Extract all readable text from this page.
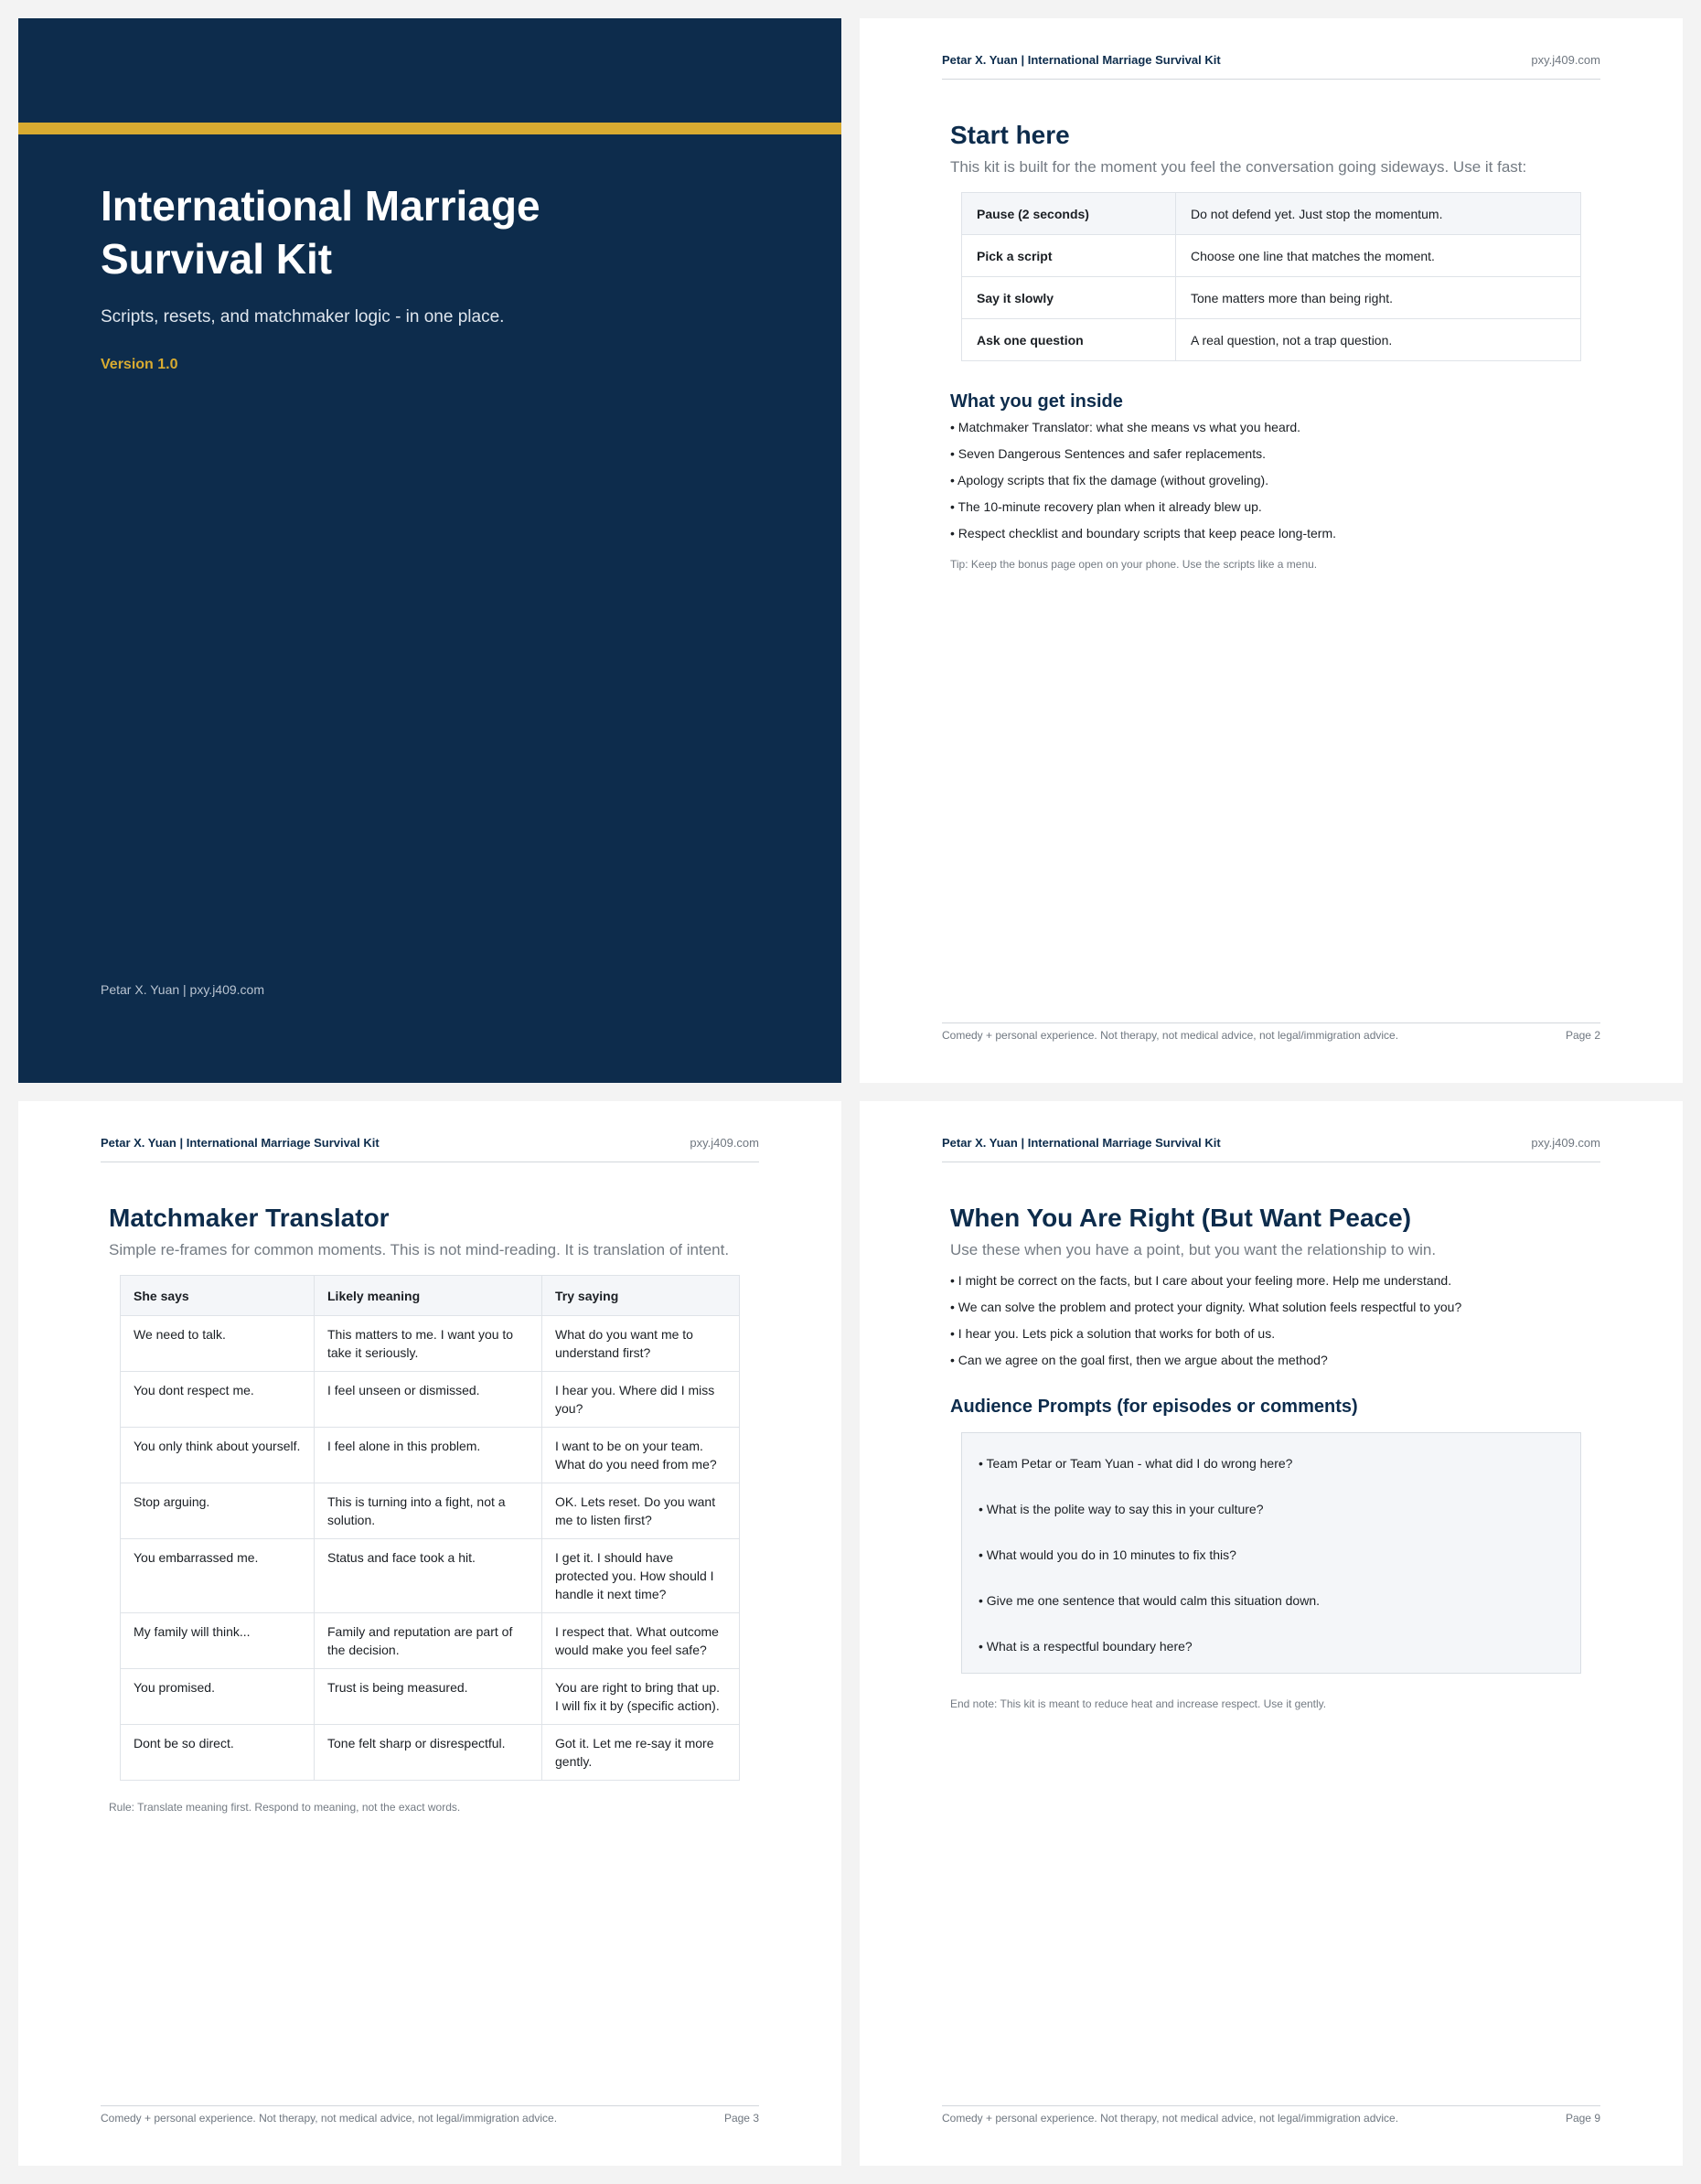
International Marriage Survival Kit
Scripts, resets, and matchmaker logic - in one place.
Version 1.0
Petar X. Yuan | pxy.j409.com
Petar X. Yuan | International Marriage Survival Kit	pxy.j409.com
Start here

This kit is built for the moment you feel the conversation going sideways. Use it fast:

Pause (2 seconds)	Do not defend yet. Just stop the momentum.
Pick a script	Choose one line that matches the moment.
Say it slowly	Tone matters more than being right.
Ask one question	A real question, not a trap question.
What you get inside
• Matchmaker Translator: what she means vs what you heard.
• Seven Dangerous Sentences and safer replacements.
• Apology scripts that fix the damage (without groveling).
• The 10-minute recovery plan when it already blew up.
• Respect checklist and boundary scripts that keep peace long-term.
Tip: Keep the bonus page open on your phone. Use the scripts like a menu.
Comedy + personal experience. Not therapy, not medical advice, not legal/immigration advice.	Page 2
Petar X. Yuan | International Marriage Survival Kit	pxy.j409.com
Matchmaker Translator

Simple re-frames for common moments. This is not mind-reading. It is translation of intent.

She says	Likely meaning	Try saying
We need to talk.	This matters to me. I want you to take it seriously.	What do you want me to understand first?
You dont respect me.	I feel unseen or dismissed.	I hear you. Where did I miss you?
You only think about yourself.	I feel alone in this problem.	I want to be on your team. What do you need from me?
Stop arguing.	This is turning into a fight, not a solution.	OK. Lets reset. Do you want me to listen first?
You embarrassed me.	Status and face took a hit.	I get it. I should have protected you. How should I handle it next time?
My family will think...	Family and reputation are part of the decision.	I respect that. What outcome would make you feel safe?
You promised.	Trust is being measured.	You are right to bring that up. I will fix it by (specific action).
Dont be so direct.	Tone felt sharp or disrespectful.	Got it. Let me re-say it more gently.
Rule: Translate meaning first. Respond to meaning, not the exact words.
Comedy + personal experience. Not therapy, not medical advice, not legal/immigration advice.	Page 3
Petar X. Yuan | International Marriage Survival Kit	pxy.j409.com
When You Are Right (But Want Peace)

Use these when you have a point, but you want the relationship to win.

• I might be correct on the facts, but I care about your feeling more. Help me understand.
• We can solve the problem and protect your dignity. What solution feels respectful to you?
• I hear you. Lets pick a solution that works for both of us.
• Can we agree on the goal first, then we argue about the method?
Audience Prompts (for episodes or comments)
• Team Petar or Team Yuan - what did I do wrong here?
• What is the polite way to say this in your culture?
• What would you do in 10 minutes to fix this?
• Give me one sentence that would calm this situation down.
• What is a respectful boundary here?
End note: This kit is meant to reduce heat and increase respect. Use it gently.
Comedy + personal experience. Not therapy, not medical advice, not legal/immigration advice.	Page 9
